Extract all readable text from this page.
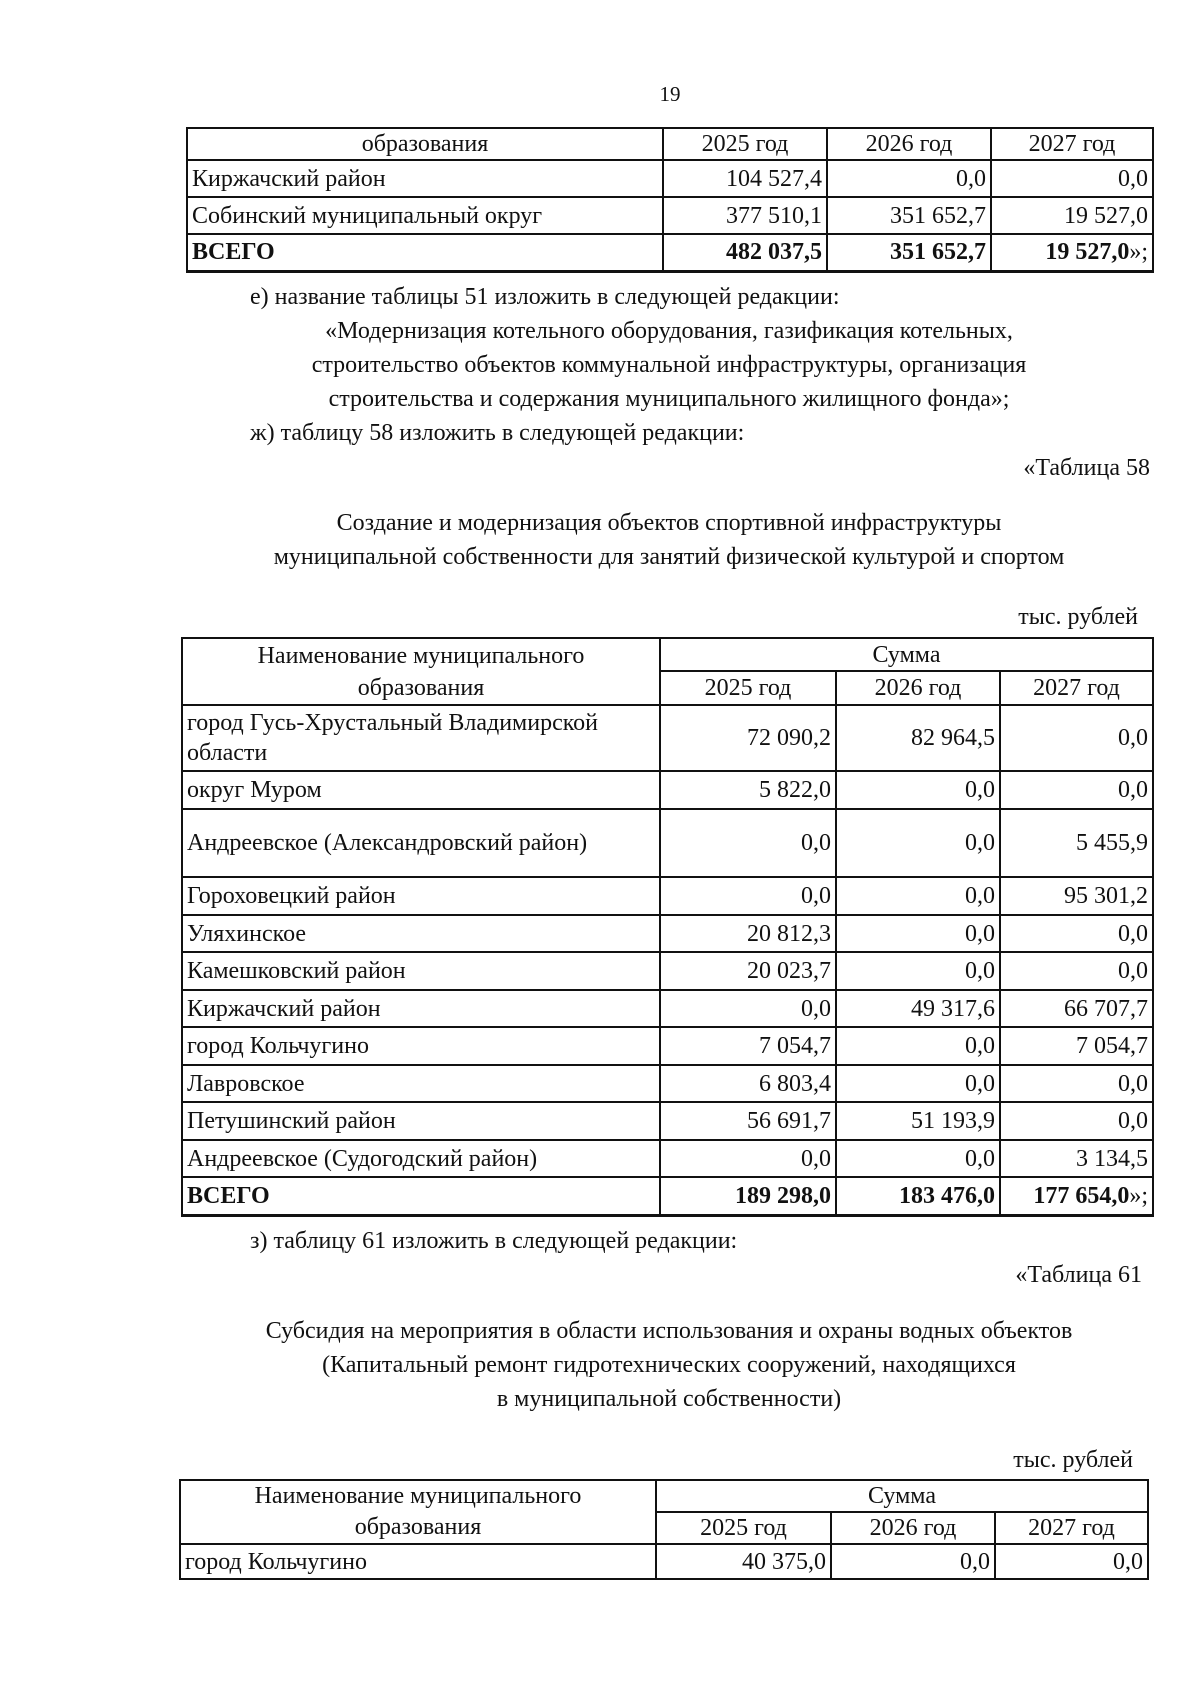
19
образования	2025 год	2026 год	2027 год
Киржачский район	104 527,4	0,0	0,0
Собинский муниципальный округ	377 510,1	351 652,7	19 527,0
ВСЕГО	482 037,5	351 652,7	19 527,0»;
е) название таблицы 51 изложить в следующей редакции:
«Модернизация котельного оборудования, газификация котельных,
строительство объектов коммунальной инфраструктуры, организация
строительства и содержания муниципального жилищного фонда»;
ж) таблицу 58 изложить в следующей редакции:
«Таблица 58
Создание и модернизация объектов спортивной инфраструктуры
муниципальной собственности для занятий физической культурой и спортом
тыс. рублей
Наименование муниципального
образования	Сумма		
	2025 год	2026 год	2027 год
город Гусь-Хрустальный Владимирской области	72 090,2	82 964,5	0,0
округ Муром	5 822,0	0,0	0,0
Андреевское (Александровский район)	0,0	0,0	5 455,9
Гороховецкий район	0,0	0,0	95 301,2
Уляхинское	20 812,3	0,0	0,0
Камешковский район	20 023,7	0,0	0,0
Киржачский район	0,0	49 317,6	66 707,7
город Кольчугино	7 054,7	0,0	7 054,7
Лавровское	6 803,4	0,0	0,0
Петушинский район	56 691,7	51 193,9	0,0
Андреевское (Судогодский район)	0,0	0,0	3 134,5
ВСЕГО	189 298,0	183 476,0	177 654,0»;
з) таблицу 61 изложить в следующей редакции:
«Таблица 61
Субсидия на мероприятия в области использования и охраны водных объектов
(Капитальный ремонт гидротехнических сооружений, находящихся
в муниципальной собственности)
тыс. рублей
Наименование муниципального
образования	Сумма		
	2025 год	2026 год	2027 год
город Кольчугино	40 375,0	0,0	0,0
